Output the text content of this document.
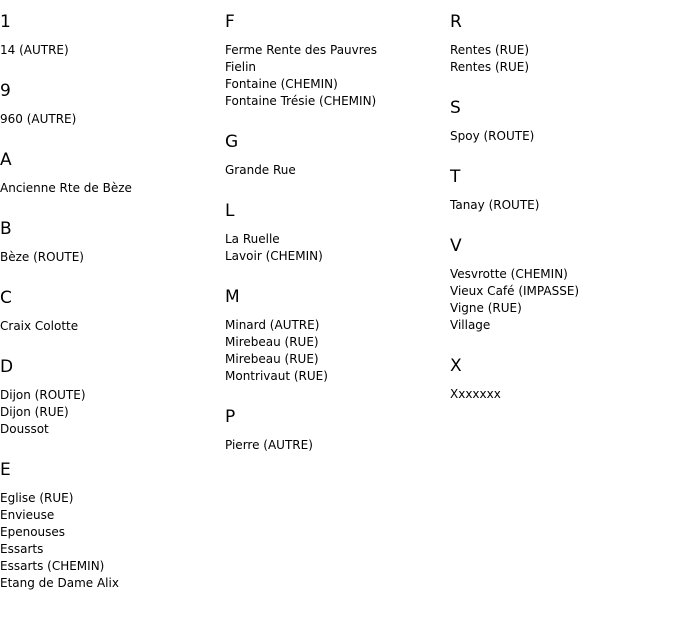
1
14 (AUTRE)
9
960 (AUTRE)
A
Ancienne Rte de Bèze
B
Bèze (ROUTE)
C
Craix Colotte
D
Dijon (ROUTE)
Dijon (RUE)
Doussot
E
Eglise (RUE)
Envieuse
Epenouses
Essarts
Essarts (CHEMIN)
Etang de Dame Alix
F
Ferme Rente des Pauvres
Fielin
Fontaine (CHEMIN)
Fontaine Trésie (CHEMIN)
G
Grande Rue
L
La Ruelle
Lavoir (CHEMIN)
M
Minard (AUTRE)
Mirebeau (RUE)
Mirebeau (RUE)
Montrivaut (RUE)
P
Pierre (AUTRE)
R
Rentes (RUE)
Rentes (RUE)
S
Spoy (ROUTE)
T
Tanay (ROUTE)
V
Vesvrotte (CHEMIN)
Vieux Café (IMPASSE)
Vigne (RUE)
Village
X
Xxxxxxx
